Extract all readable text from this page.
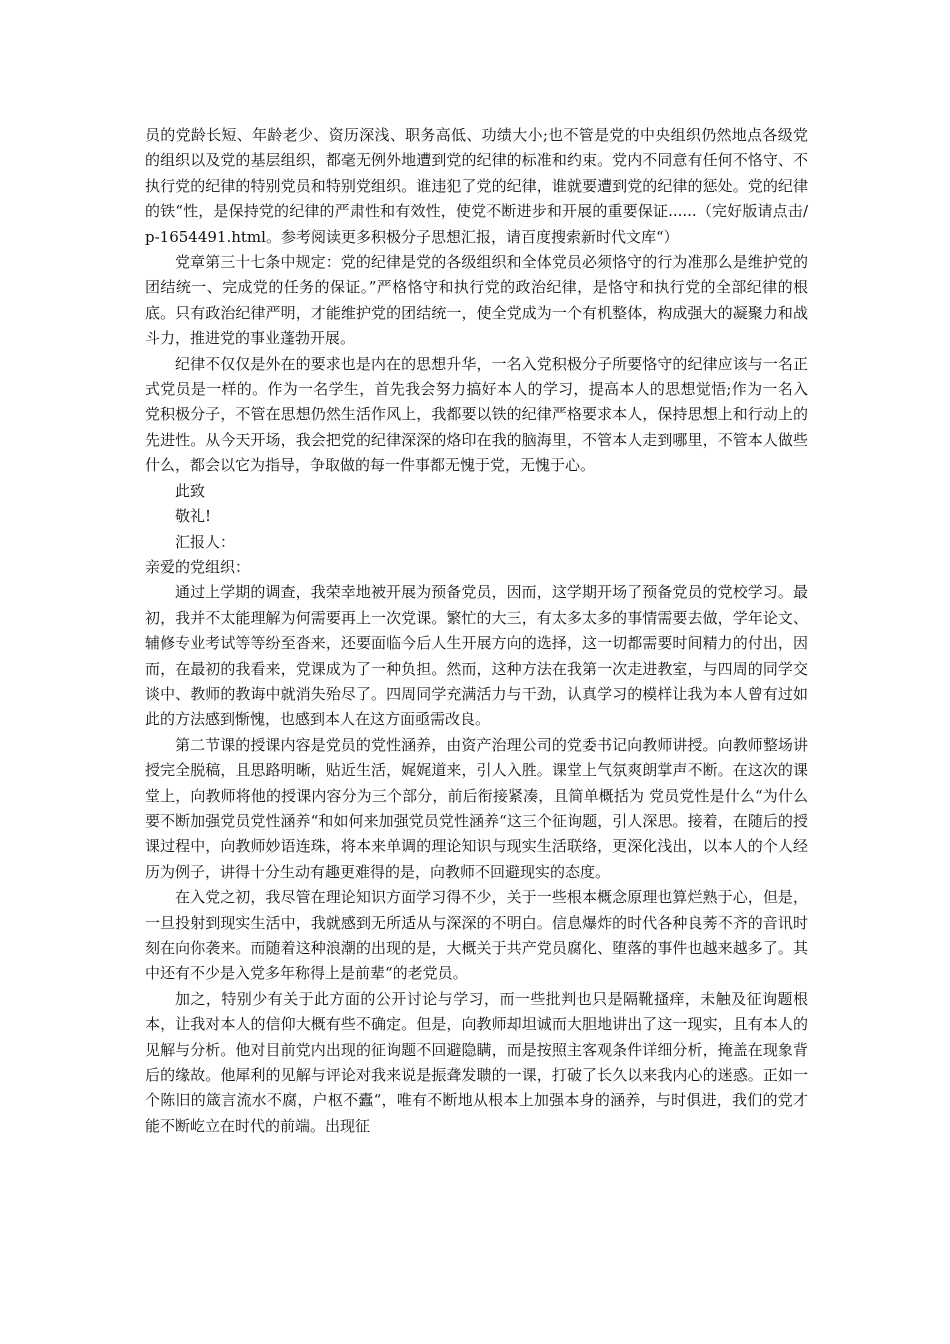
员的党龄长短、年龄老少、资历深浅、职务高低、功绩大小;也不管是党的中央组织仍然地点各级党的组织以及党的基层组织，都毫无例外地遭到党的纪律的标准和约束。党内不同意有任何不恪守、不执行党的纪律的特别党员和特别党组织。谁违犯了党的纪律，谁就要遭到党的纪律的惩处。党的纪律的铁“性，是保持党的纪律的严肃性和有效性，使党不断进步和开展的重要保证......（完好版请点击/p-1654491.html。参考阅读更多积极分子思想汇报，请百度搜索新时代文库“）

党章第三十七条中规定：党的纪律是党的各级组织和全体党员必须恪守的行为准那么是维护党的团结统一、完成党的任务的保证。”严格恪守和执行党的政治纪律，是恪守和执行党的全部纪律的根底。只有政治纪律严明，才能维护党的团结统一，使全党成为一个有机整体，构成强大的凝聚力和战斗力，推进党的事业蓬勃开展。

纪律不仅仅是外在的要求也是内在的思想升华，一名入党积极分子所要恪守的纪律应该与一名正式党员是一样的。作为一名学生，首先我会努力搞好本人的学习，提高本人的思想觉悟;作为一名入党积极分子，不管在思想仍然生活作风上，我都要以铁的纪律严格要求本人，保持思想上和行动上的先进性。从今天开场，我会把党的纪律深深的烙印在我的脑海里，不管本人走到哪里，不管本人做些什么，都会以它为指导，争取做的每一件事都无愧于党，无愧于心。

此致

敬礼!

汇报人：

亲爱的党组织：

通过上学期的调查，我荣幸地被开展为预备党员，因而，这学期开场了预备党员的党校学习。最初，我并不太能理解为何需要再上一次党课。繁忙的大三，有太多太多的事情需要去做，学年论文、辅修专业考试等等纷至沓来，还要面临今后人生开展方向的选择，这一切都需要时间精力的付出，因而，在最初的我看来，党课成为了一种负担。然而，这种方法在我第一次走进教室，与四周的同学交谈中、教师的教诲中就消失殆尽了。四周同学充满活力与干劲，认真学习的模样让我为本人曾有过如此的方法感到惭愧，也感到本人在这方面亟需改良。

第二节课的授课内容是党员的党性涵养，由资产治理公司的党委书记向教师讲授。向教师整场讲授完全脱稿，且思路明晰，贴近生活，娓娓道来，引人入胜。课堂上气氛爽朗掌声不断。在这次的课堂上，向教师将他的授课内容分为三个部分，前后衔接紧凑，且简单概括为 党员党性是什么“为什么要不断加强党员党性涵养“和如何来加强党员党性涵养“这三个征询题，引人深思。接着，在随后的授课过程中，向教师妙语连珠，将本来单调的理论知识与现实生活联络，更深化浅出，以本人的个人经历为例子，讲得十分生动有趣更难得的是，向教师不回避现实的态度。

在入党之初，我尽管在理论知识方面学习得不少，关于一些根本概念原理也算烂熟于心，但是，一旦投射到现实生活中，我就感到无所适从与深深的不明白。信息爆炸的时代各种良莠不齐的音讯时刻在向你袭来。而随着这种浪潮的出现的是，大概关于共产党员腐化、堕落的事件也越来越多了。其中还有不少是入党多年称得上是前辈“的老党员。

加之，特别少有关于此方面的公开讨论与学习，而一些批判也只是隔靴搔痒，未触及征询题根本，让我对本人的信仰大概有些不确定。但是，向教师却坦诚而大胆地讲出了这一现实，且有本人的见解与分析。他对目前党内出现的征询题不回避隐瞒，而是按照主客观条件详细分析，掩盖在现象背后的缘故。他犀利的见解与评论对我来说是振聋发聩的一课，打破了长久以来我内心的迷惑。正如一个陈旧的箴言流水不腐，户枢不蠹“，唯有不断地从根本上加强本身的涵养，与时俱进，我们的党才能不断屹立在时代的前端。出现征
